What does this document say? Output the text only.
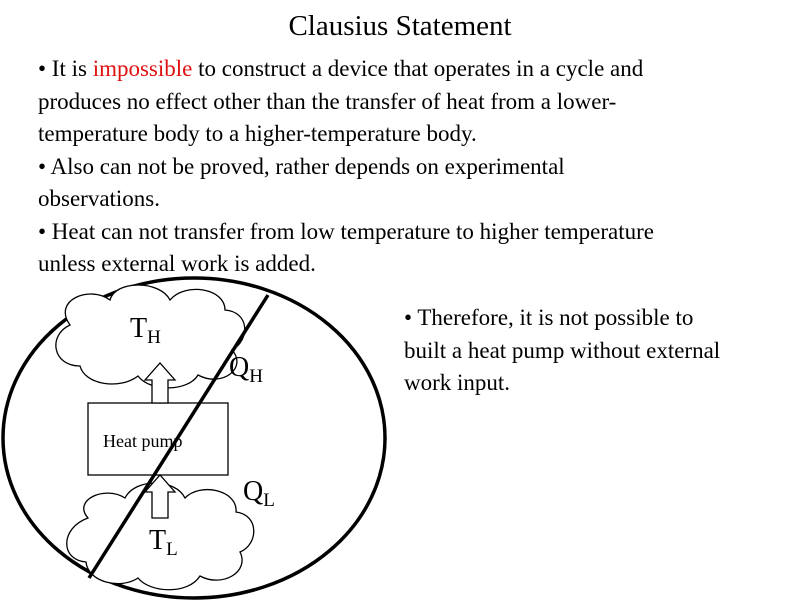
Clausius Statement
• It is impossible to construct a device that operates in a cycle and
produces no effect other than the transfer of heat from a lower-
temperature body to a higher-temperature body.
• Also can not be proved, rather depends on experimental
observations.
• Heat can not transfer from low temperature to higher temperature
unless external work is added.
Heat pump
$T_H$
$T_L$
$Q_H$
$Q_L$
• Therefore, it is not possible to
built a heat pump without external
work input.
